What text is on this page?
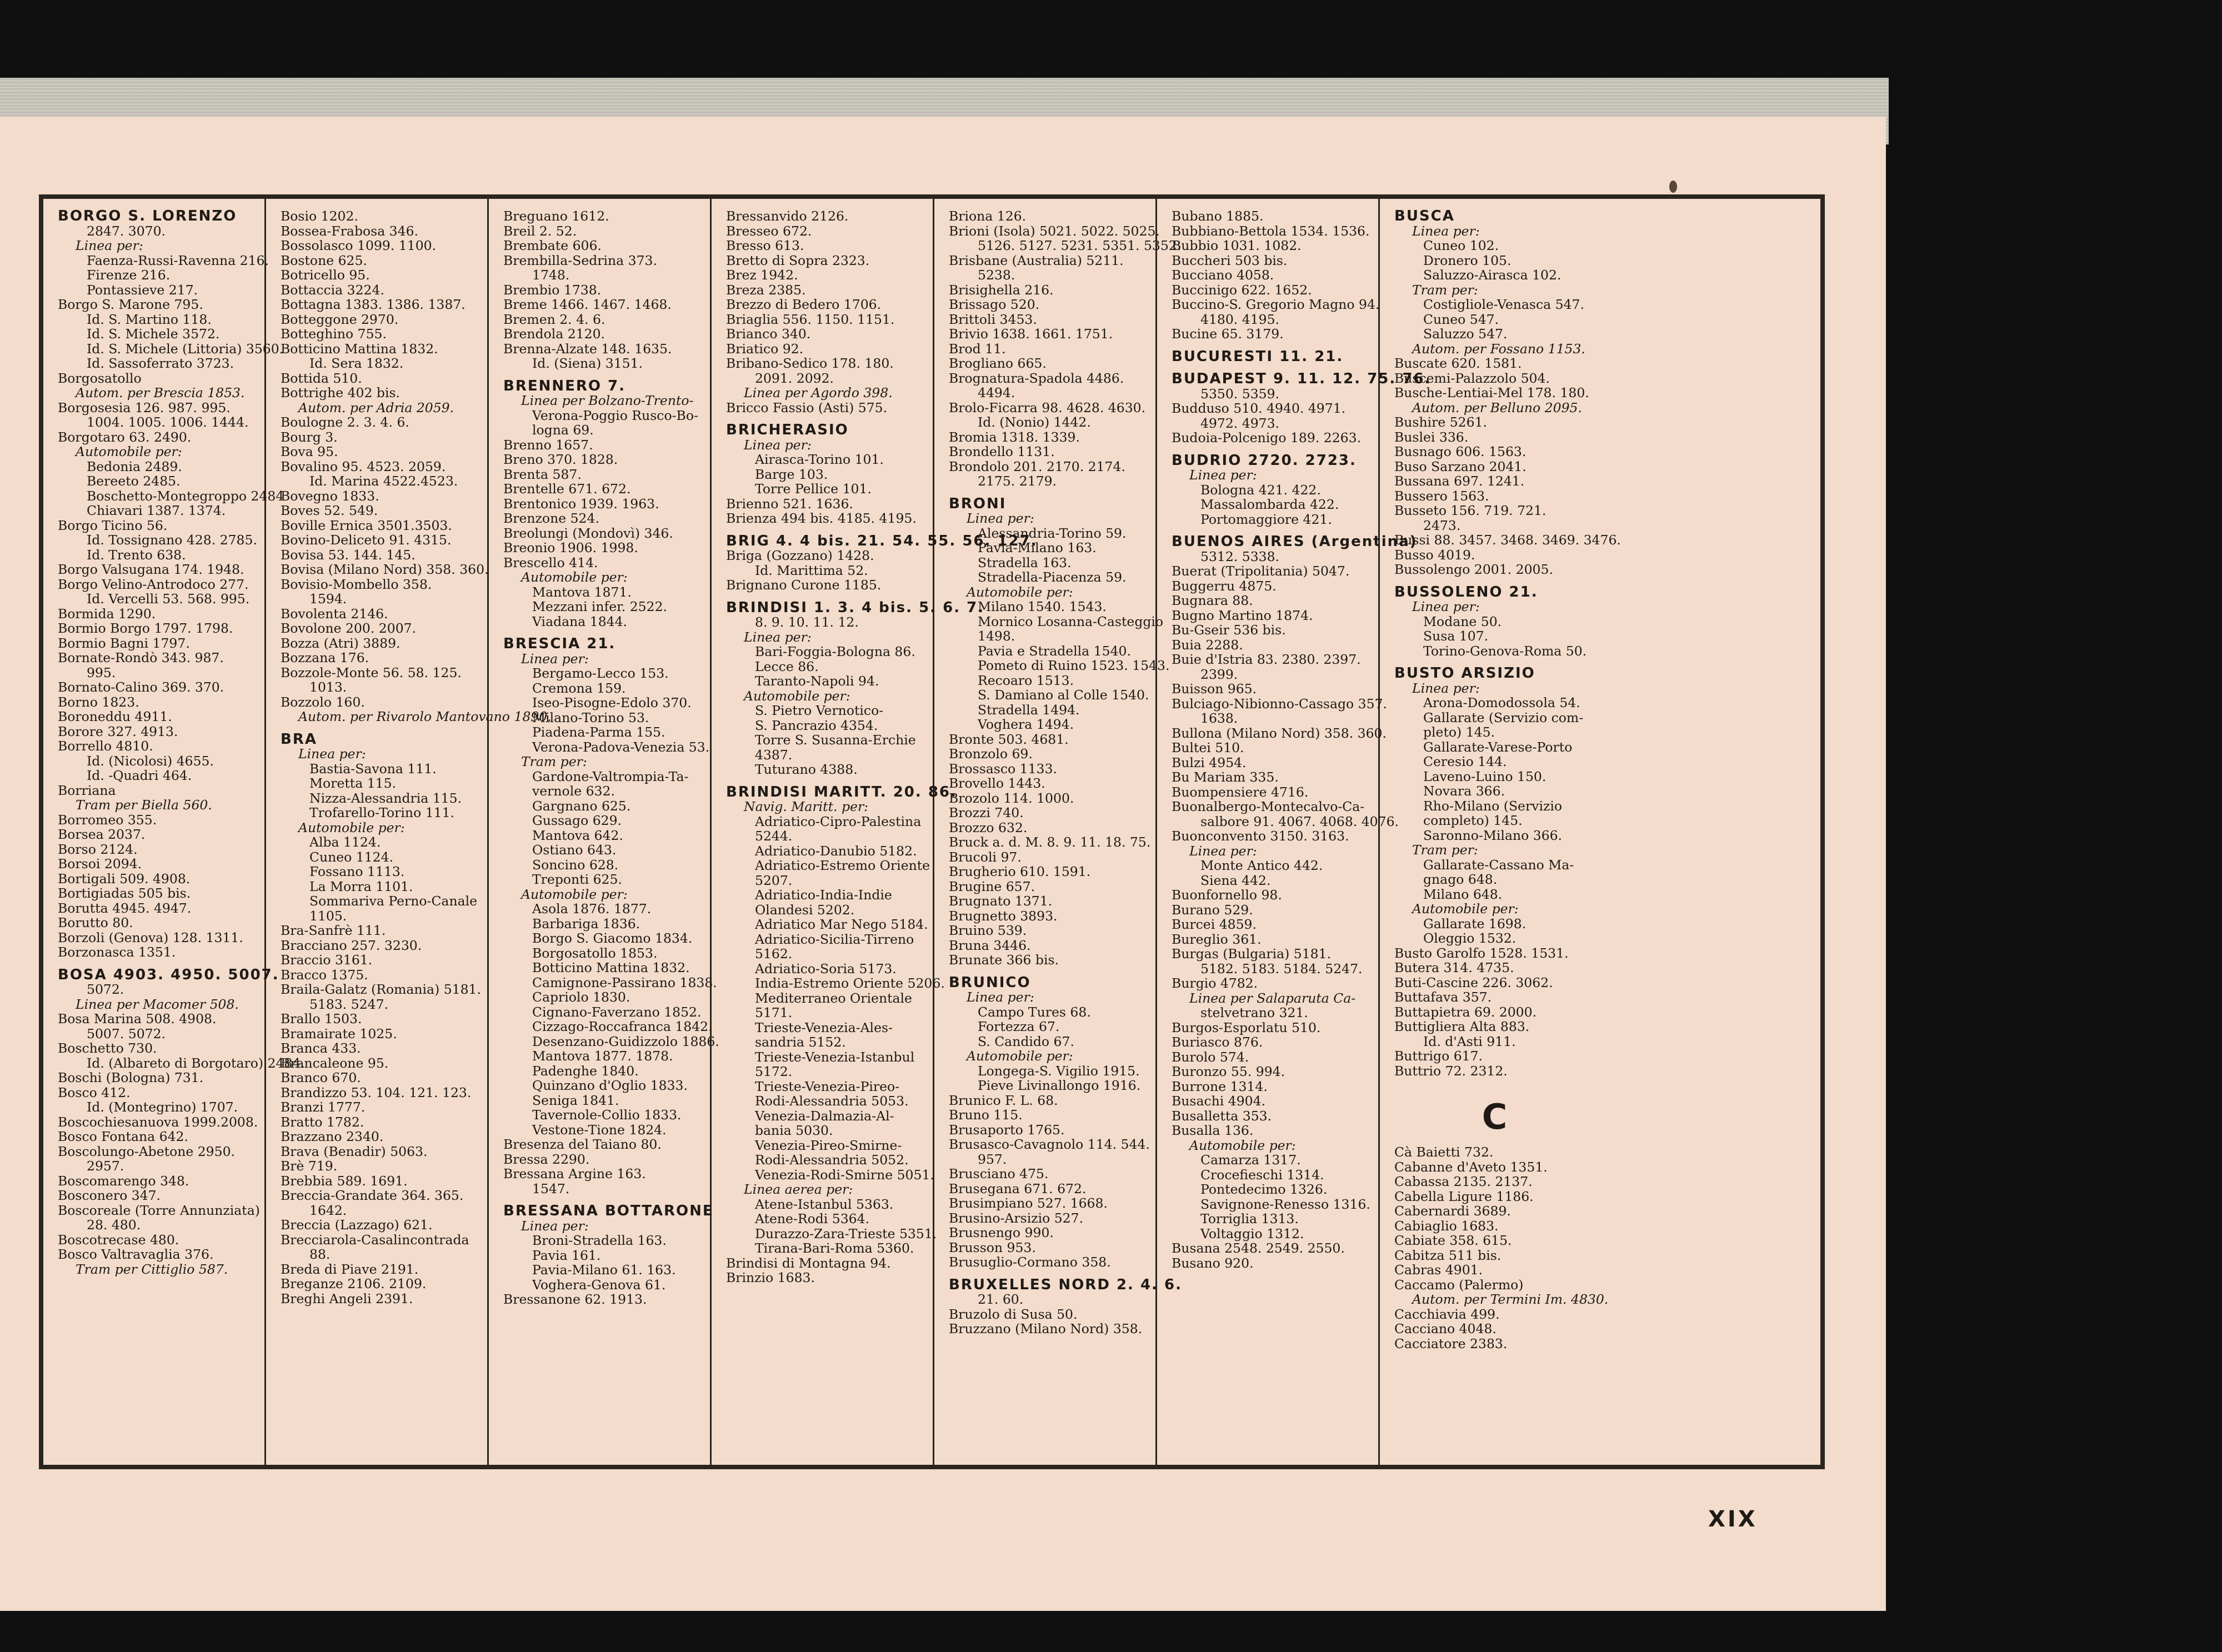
BORGO S. LORENZO
2847. 3070.
Linea per:
Faenza-Russi-Ravenna 216.
Firenze 216.
Pontassieve 217.
Borgo S. Marone 795.
Id. S. Martino 118.
Id. S. Michele 3572.
Id. S. Michele (Littoria) 3560.
Id. Sassoferrato 3723.
Borgosatollo
Autom. per Brescia 1853.
Borgosesia 126. 987. 995.
1004. 1005. 1006. 1444.
Borgotaro 63. 2490.
Automobile per:
Bedonia 2489.
Bereeto 2485.
Boschetto-Montegroppo 2484
Chiavari 1387. 1374.
Borgo Ticino 56.
Id. Tossignano 428. 2785.
Id. Trento 638.
Borgo Valsugana 174. 1948.
Borgo Velino-Antrodoco 277.
Id. Vercelli 53. 568. 995.
Bormida 1290.
Bormio Borgo 1797. 1798.
Bormio Bagni 1797.
Bornate-Rondò 343. 987.
995.
Bornato-Calino 369. 370.
Borno 1823.
Boroneddu 4911.
Borore 327. 4913.
Borrello 4810.
Id. (Nicolosi) 4655.
Id. -Quadri 464.
Borriana
Tram per Biella 560.
Borromeo 355.
Borsea 2037.
Borso 2124.
Borsoi 2094.
Bortigali 509. 4908.
Bortigiadas 505 bis.
Borutta 4945. 4947.
Borutto 80.
Borzoli (Genova) 128. 1311.
Borzonasca 1351.
BOSA 4903. 4950. 5007.
5072.
Linea per Macomer 508.
Bosa Marina 508. 4908.
5007. 5072.
Boschetto 730.
Id. (Albareto di Borgotaro) 2484.
Boschi (Bologna) 731.
Bosco 412.
Id. (Montegrino) 1707.
Boscochiesanuova 1999.2008.
Bosco Fontana 642.
Boscolungo-Abetone 2950.
2957.
Boscomarengo 348.
Bosconero 347.
Boscoreale (Torre Annunziata)
28. 480.
Boscotrecase 480.
Bosco Valtravaglia 376.
Tram per Cittiglio 587.
Bosio 1202.
Bossea-Frabosa 346.
Bossolasco 1099. 1100.
Bostone 625.
Botricello 95.
Bottaccia 3224.
Bottagna 1383. 1386. 1387.
Botteggone 2970.
Botteghino 755.
Botticino Mattina 1832.
Id. Sera 1832.
Bottida 510.
Bottrighe 402 bis.
Autom. per Adria 2059.
Boulogne 2. 3. 4. 6.
Bourg 3.
Bova 95.
Bovalino 95. 4523. 2059.
Id. Marina 4522.4523.
Bovegno 1833.
Boves 52. 549.
Boville Ernica 3501.3503.
Bovino-Deliceto 91. 4315.
Bovisa 53. 144. 145.
Bovisa (Milano Nord) 358. 360.
Bovisio-Mombello 358.
1594.
Bovolenta 2146.
Bovolone 200. 2007.
Bozza (Atri) 3889.
Bozzana 176.
Bozzole-Monte 56. 58. 125.
1013.
Bozzolo 160.
Autom. per Rivarolo Mantovano 1890.
BRA
Linea per:
Bastia-Savona 111.
Moretta 115.
Nizza-Alessandria 115.
Trofarello-Torino 111.
Automobile per:
Alba 1124.
Cuneo 1124.
Fossano 1113.
La Morra 1101.
Sommariva Perno-Canale
1105.
Bra-Sanfrè 111.
Bracciano 257. 3230.
Braccio 3161.
Bracco 1375.
Braila-Galatz (Romania) 5181.
5183. 5247.
Brallo 1503.
Bramairate 1025.
Branca 433.
Brancaleone 95.
Branco 670.
Brandizzo 53. 104. 121. 123.
Branzi 1777.
Bratto 1782.
Brazzano 2340.
Brava (Benadir) 5063.
Brè 719.
Brebbia 589. 1691.
Breccia-Grandate 364. 365.
1642.
Breccia (Lazzago) 621.
Brecciarola-Casalincontrada
88.
Breda di Piave 2191.
Breganze 2106. 2109.
Breghi Angeli 2391.
Breguano 1612.
Breil 2. 52.
Brembate 606.
Brembilla-Sedrina 373.
1748.
Brembio 1738.
Breme 1466. 1467. 1468.
Bremen 2. 4. 6.
Brendola 2120.
Brenna-Alzate 148. 1635.
Id. (Siena) 3151.
BRENNERO 7.
Linea per Bolzano-Trento-
Verona-Poggio Rusco-Bo-
logna 69.
Brenno 1657.
Breno 370. 1828.
Brenta 587.
Brentelle 671. 672.
Brentonico 1939. 1963.
Brenzone 524.
Breolungi (Mondovì) 346.
Breonio 1906. 1998.
Brescello 414.
Automobile per:
Mantova 1871.
Mezzani infer. 2522.
Viadana 1844.
BRESCIA 21.
Linea per:
Bergamo-Lecco 153.
Cremona 159.
Iseo-Pisogne-Edolo 370.
Milano-Torino 53.
Piadena-Parma 155.
Verona-Padova-Venezia 53.
Tram per:
Gardone-Valtrompia-Ta-
vernole 632.
Gargnano 625.
Gussago 629.
Mantova 642.
Ostiano 643.
Soncino 628.
Treponti 625.
Automobile per:
Asola 1876. 1877.
Barbariga 1836.
Borgo S. Giacomo 1834.
Borgosatollo 1853.
Botticino Mattina 1832.
Camignone-Passirano 1838.
Capriolo 1830.
Cignano-Faverzano 1852.
Cizzago-Roccafranca 1842.
Desenzano-Guidizzolo 1886.
Mantova 1877. 1878.
Padenghe 1840.
Quinzano d'Oglio 1833.
Seniga 1841.
Tavernole-Collio 1833.
Vestone-Tione 1824.
Bresenza del Taiano 80.
Bressa 2290.
Bressana Argine 163.
1547.
BRESSANA BOTTARONE
Linea per:
Broni-Stradella 163.
Pavia 161.
Pavia-Milano 61. 163.
Voghera-Genova 61.
Bressanone 62. 1913.
Bressanvido 2126.
Bresseo 672.
Bresso 613.
Bretto di Sopra 2323.
Brez 1942.
Breza 2385.
Brezzo di Bedero 1706.
Briaglia 556. 1150. 1151.
Brianco 340.
Briatico 92.
Bribano-Sedico 178. 180.
2091. 2092.
Linea per Agordo 398.
Bricco Fassio (Asti) 575.
BRICHERASIO
Linea per:
Airasca-Torino 101.
Barge 103.
Torre Pellice 101.
Brienno 521. 1636.
Brienza 494 bis. 4185. 4195.
BRIG 4. 4 bis. 21. 54. 55. 56. 127.
Briga (Gozzano) 1428.
Id. Marittima 52.
Brignano Curone 1185.
BRINDISI 1. 3. 4 bis. 5. 6. 7.
8. 9. 10. 11. 12.
Linea per:
Bari-Foggia-Bologna 86.
Lecce 86.
Taranto-Napoli 94.
Automobile per:
S. Pietro Vernotico-
S. Pancrazio 4354.
Torre S. Susanna-Erchie
4387.
Tuturano 4388.
BRINDISI MARITT. 20. 86.
Navig. Maritt. per:
Adriatico-Cipro-Palestina
5244.
Adriatico-Danubio 5182.
Adriatico-Estremo Oriente
5207.
Adriatico-India-Indie
Olandesi 5202.
Adriatico Mar Nego 5184.
Adriatico-Sicilia-Tirreno
5162.
Adriatico-Soria 5173.
India-Estremo Oriente 5206.
Mediterraneo Orientale
5171.
Trieste-Venezia-Ales-
sandria 5152.
Trieste-Venezia-Istanbul
5172.
Trieste-Venezia-Pireo-
Rodi-Alessandria 5053.
Venezia-Dalmazia-Al-
bania 5030.
Venezia-Pireo-Smirne-
Rodi-Alessandria 5052.
Venezia-Rodi-Smirne 5051.
Linea aerea per:
Atene-Istanbul 5363.
Atene-Rodi 5364.
Durazzo-Zara-Trieste 5351.
Tirana-Bari-Roma 5360.
Brindisi di Montagna 94.
Brinzio 1683.
Briona 126.
Brioni (Isola) 5021. 5022. 5025.
5126. 5127. 5231. 5351. 5352.
Brisbane (Australia) 5211.
5238.
Brisighella 216.
Brissago 520.
Brittoli 3453.
Brivio 1638. 1661. 1751.
Brod 11.
Brogliano 665.
Brognatura-Spadola 4486.
4494.
Brolo-Ficarra 98. 4628. 4630.
Id. (Nonio) 1442.
Bromia 1318. 1339.
Brondello 1131.
Brondolo 201. 2170. 2174.
2175. 2179.
BRONI
Linea per:
Alessandria-Torino 59.
Pavia-Milano 163.
Stradella 163.
Stradella-Piacenza 59.
Automobile per:
Milano 1540. 1543.
Mornico Losanna-Casteggio
1498.
Pavia e Stradella 1540.
Pometo di Ruino 1523. 1543.
Recoaro 1513.
S. Damiano al Colle 1540.
Stradella 1494.
Voghera 1494.
Bronte 503. 4681.
Bronzolo 69.
Brossasco 1133.
Brovello 1443.
Brozolo 114. 1000.
Brozzi 740.
Brozzo 632.
Bruck a. d. M. 8. 9. 11. 18. 75.
Brucoli 97.
Brugherio 610. 1591.
Brugine 657.
Brugnato 1371.
Brugnetto 3893.
Bruino 539.
Bruna 3446.
Brunate 366 bis.
BRUNICO
Linea per:
Campo Tures 68.
Fortezza 67.
S. Candido 67.
Automobile per:
Longega-S. Vigilio 1915.
Pieve Livinallongo 1916.
Brunico F. L. 68.
Bruno 115.
Brusaporto 1765.
Brusasco-Cavagnolo 114. 544.
957.
Brusciano 475.
Brusegana 671. 672.
Brusimpiano 527. 1668.
Brusino-Arsizio 527.
Brusnengo 990.
Brusson 953.
Brusuglio-Cormano 358.
BRUXELLES NORD 2. 4. 6.
21. 60.
Bruzolo di Susa 50.
Bruzzano (Milano Nord) 358.
Bubano 1885.
Bubbiano-Bettola 1534. 1536.
Bubbio 1031. 1082.
Buccheri 503 bis.
Bucciano 4058.
Buccinigo 622. 1652.
Buccino-S. Gregorio Magno 94.
4180. 4195.
Bucine 65. 3179.
BUCURESTI 11. 21.
BUDAPEST 9. 11. 12. 75. 76.
5350. 5359.
Budduso 510. 4940. 4971.
4972. 4973.
Budoia-Polcenigo 189. 2263.
BUDRIO 2720. 2723.
Linea per:
Bologna 421. 422.
Massalombarda 422.
Portomaggiore 421.
BUENOS AIRES (Argentina)
5312. 5338.
Buerat (Tripolitania) 5047.
Buggerru 4875.
Bugnara 88.
Bugno Martino 1874.
Bu-Gseir 536 bis.
Buia 2288.
Buie d'Istria 83. 2380. 2397.
2399.
Buisson 965.
Bulciago-Nibionno-Cassago 357.
1638.
Bullona (Milano Nord) 358. 360.
Bultei 510.
Bulzi 4954.
Bu Mariam 335.
Buompensiere 4716.
Buonalbergo-Montecalvo-Ca-
salbore 91. 4067. 4068. 4076.
Buonconvento 3150. 3163.
Linea per:
Monte Antico 442.
Siena 442.
Buonfornello 98.
Burano 529.
Burcei 4859.
Bureglio 361.
Burgas (Bulgaria) 5181.
5182. 5183. 5184. 5247.
Burgio 4782.
Linea per Salaparuta Ca-
stelvetrano 321.
Burgos-Esporlatu 510.
Buriasco 876.
Burolo 574.
Buronzo 55. 994.
Burrone 1314.
Busachi 4904.
Busalletta 353.
Busalla 136.
Automobile per:
Camarza 1317.
Crocefieschi 1314.
Pontedecimo 1326.
Savignone-Renesso 1316.
Torriglia 1313.
Voltaggio 1312.
Busana 2548. 2549. 2550.
Busano 920.
BUSCA
Linea per:
Cuneo 102.
Dronero 105.
Saluzzo-Airasca 102.
Tram per:
Costigliole-Venasca 547.
Cuneo 547.
Saluzzo 547.
Autom. per Fossano 1153.
Buscate 620. 1581.
Buscemi-Palazzolo 504.
Busche-Lentiai-Mel 178. 180.
Autom. per Belluno 2095.
Bushire 5261.
Buslei 336.
Busnago 606. 1563.
Buso Sarzano 2041.
Bussana 697. 1241.
Bussero 1563.
Busseto 156. 719. 721.
2473.
Bussi 88. 3457. 3468. 3469. 3476.
Busso 4019.
Bussolengo 2001. 2005.
BUSSOLENO 21.
Linea per:
Modane 50.
Susa 107.
Torino-Genova-Roma 50.
BUSTO ARSIZIO
Linea per:
Arona-Domodossola 54.
Gallarate (Servizio com-
pleto) 145.
Gallarate-Varese-Porto
Ceresio 144.
Laveno-Luino 150.
Novara 366.
Rho-Milano (Servizio
completo) 145.
Saronno-Milano 366.
Tram per:
Gallarate-Cassano Ma-
gnago 648.
Milano 648.
Automobile per:
Gallarate 1698.
Oleggio 1532.
Busto Garolfo 1528. 1531.
Butera 314. 4735.
Buti-Cascine 226. 3062.
Buttafava 357.
Buttapietra 69. 2000.
Buttigliera Alta 883.
Id. d'Asti 911.
Buttrigo 617.
Buttrio 72. 2312.
C
Cà Baietti 732.
Cabanne d'Aveto 1351.
Cabassa 2135. 2137.
Cabella Ligure 1186.
Cabernardi 3689.
Cabiaglio 1683.
Cabiate 358. 615.
Cabitza 511 bis.
Cabras 4901.
Caccamo (Palermo)
Autom. per Termini Im. 4830.
Cacchiavia 499.
Cacciano 4048.
Cacciatore 2383.
XIX
